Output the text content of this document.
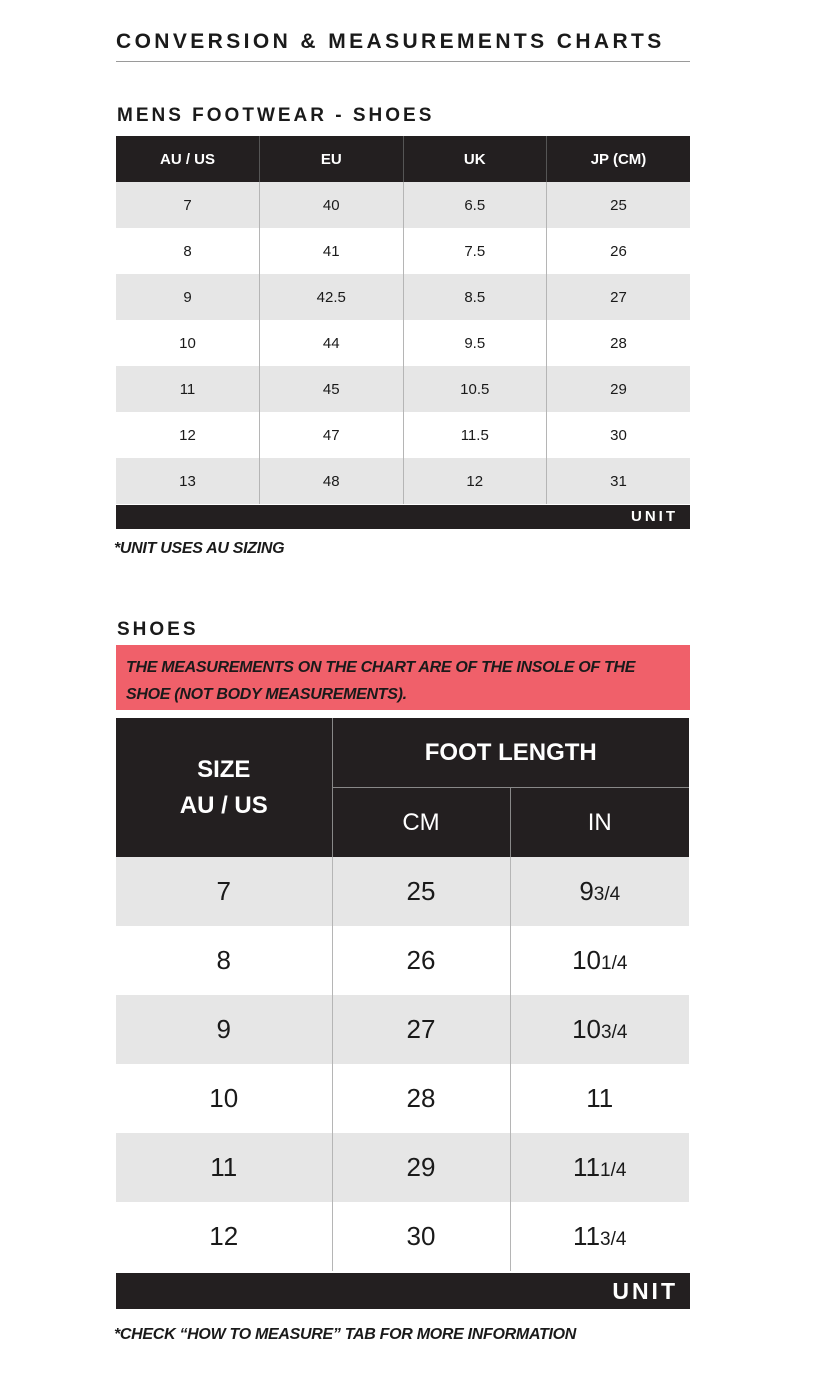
CONVERSION & MEASUREMENTS CHARTS
MENS FOOTWEAR - SHOES
AU / US	EU	UK	JP (CM)
7	40	6.5	25
8	41	7.5	26
9	42.5	8.5	27
10	44	9.5	28
11	45	10.5	29
12	47	11.5	30
13	48	12	31
UNIT
*UNIT USES AU SIZING
SHOES
THE MEASUREMENTS ON THE CHART ARE OF THE INSOLE OF THE SHOE (NOT BODY MEASUREMENTS).
SIZE
AU / US	FOOT LENGTH	
	CM	IN
7	25	93/4
8	26	101/4
9	27	103/4
10	28	11
11	29	111/4
12	30	113/4
UNIT
*CHECK “HOW TO MEASURE” TAB FOR MORE INFORMATION
